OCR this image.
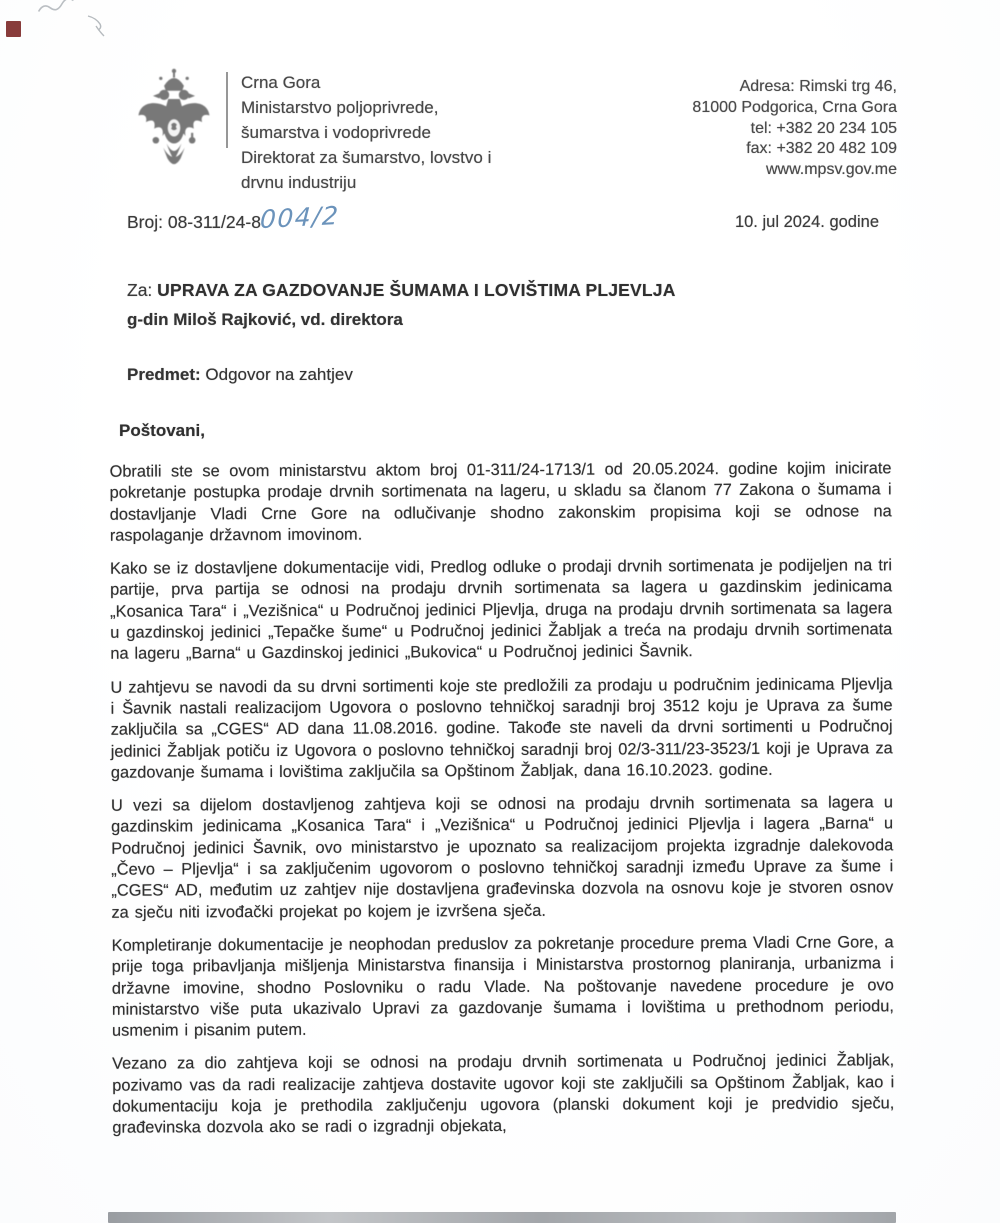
Crna Gora
Ministarstvo poljoprivrede,
šumarstva i vodoprivrede
Direktorat za šumarstvo, lovstvo i
drvnu industriju
Adresa: Rimski trg 46,
81000 Podgorica, Crna Gora
tel: +382 20 234 105
fax: +382 20 482 109
www.mpsv.gov.me
Broj: 08-311/24-8004/2	10. jul 2024. godine
Za: UPRAVA ZA GAZDOVANJE ŠUMAMA I LOVIŠTIMA PLJEVLJA
g-din Miloš Rajković, vd. direktora
Predmet: Odgovor na zahtjev
Poštovani,

Obratili ste se ovom ministarstvu aktom broj 01-311/24-1713/1 od 20.05.2024. godine kojim inicirate pokretanje postupka prodaje drvnih sortimenata na lageru, u skladu sa članom 77 Zakona o šumama i dostavljanje Vladi Crne Gore na odlučivanje shodno zakonskim propisima koji se odnose na raspolaganje državnom imovinom.

Kako se iz dostavljene dokumentacije vidi, Predlog odluke o prodaji drvnih sortimenata je podijeljen na tri partije, prva partija se odnosi na prodaju drvnih sortimenata sa lagera u gazdinskim jedinicama „Kosanica Tara“ i „Vezišnica“ u Područnoj jedinici Pljevlja, druga na prodaju drvnih sortimenata sa lagera u gazdinskoj jedinici „Tepačke šume“ u Područnoj jedinici Žabljak a treća na prodaju drvnih sortimenata na lageru „Barna“ u Gazdinskoj jedinici „Bukovica“ u Područnoj jedinici Šavnik.

U zahtjevu se navodi da su drvni sortimenti koje ste predložili za prodaju u područnim jedinicama Pljevlja i Šavnik nastali realizacijom Ugovora o poslovno tehničkoj saradnji broj 3512 koju je Uprava za šume zaključila sa „CGES“ AD dana 11.08.2016. godine. Takođe ste naveli da drvni sortimenti u Područnoj jedinici Žabljak potiču iz Ugovora o poslovno tehničkoj saradnji broj 02/3-311/23-3523/1 koji je Uprava za gazdovanje šumama i lovištima zaključila sa Opštinom Žabljak, dana 16.10.2023. godine.

U vezi sa dijelom dostavljenog zahtjeva koji se odnosi na prodaju drvnih sortimenata sa lagera u gazdinskim jedinicama „Kosanica Tara“ i „Vezišnica“ u Područnoj jedinici Pljevlja i lagera „Barna“ u Područnoj jedinici Šavnik, ovo ministarstvo je upoznato sa realizacijom projekta izgradnje dalekovoda „Čevo – Pljevlja“ i sa zaključenim ugovorom o poslovno tehničkoj saradnji između Uprave za šume i „CGES“ AD, međutim uz zahtjev nije dostavljena građevinska dozvola na osnovu koje je stvoren osnov za sječu niti izvođački projekat po kojem je izvršena sječa.

Kompletiranje dokumentacije je neophodan preduslov za pokretanje procedure prema Vladi Crne Gore, a prije toga pribavljanja mišljenja Ministarstva finansija i Ministarstva prostornog planiranja, urbanizma i državne imovine, shodno Poslovniku o radu Vlade. Na poštovanje navedene procedure je ovo ministarstvo više puta ukazivalo Upravi za gazdovanje šumama i lovištima u prethodnom periodu, usmenim i pisanim putem.

Vezano za dio zahtjeva koji se odnosi na prodaju drvnih sortimenata u Područnoj jedinici Žabljak, pozivamo vas da radi realizacije zahtjeva dostavite ugovor koji ste zaključili sa Opštinom Žabljak, kao i dokumentaciju koja je prethodila zaključenju ugovora (planski dokument koji je predvidio sječu, građevinska dozvola ako se radi o izgradnji objekata,
